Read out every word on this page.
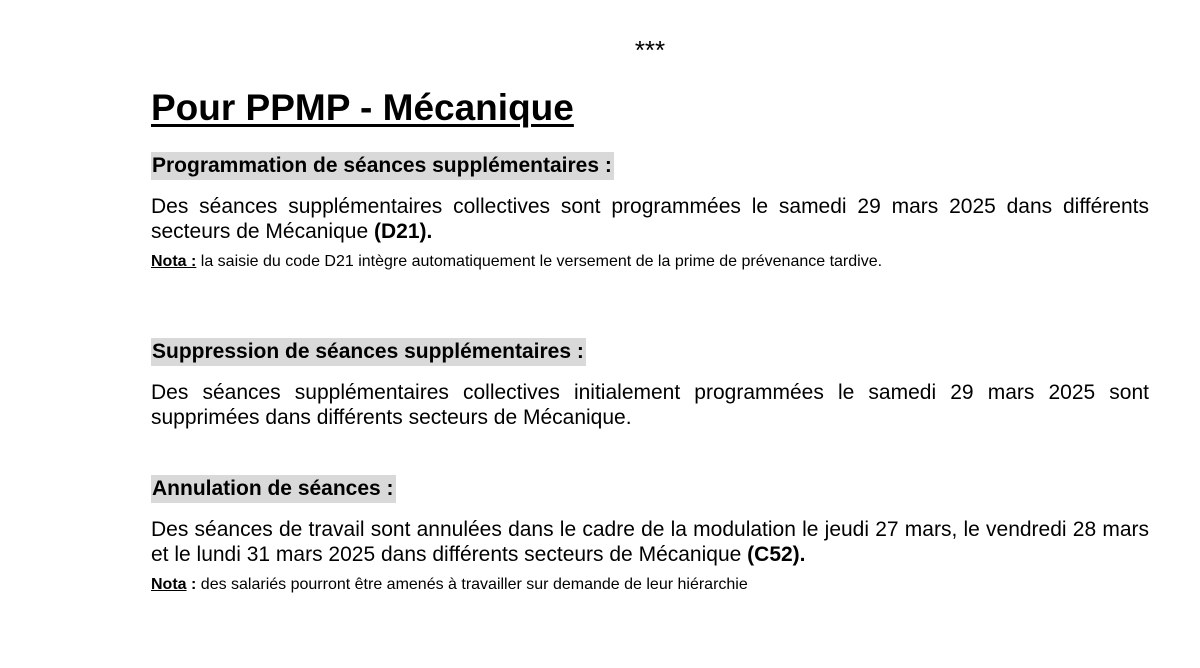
***
Pour PPMP - Mécanique
Programmation de séances supplémentaires :

Des séances supplémentaires collectives sont programmées le samedi 29 mars 2025 dans différents secteurs de Mécanique (D21).

Nota : la saisie du code D21 intègre automatiquement le versement de la prime de prévenance tardive.

Suppression de séances supplémentaires :

Des séances supplémentaires collectives initialement programmées le samedi 29 mars 2025 sont supprimées dans différents secteurs de Mécanique.

Annulation de séances :

Des séances de travail sont annulées dans le cadre de la modulation le jeudi 27 mars, le vendredi 28 mars et le lundi 31 mars 2025 dans différents secteurs de Mécanique (C52).

Nota : des salariés pourront être amenés à travailler sur demande de leur hiérarchie
